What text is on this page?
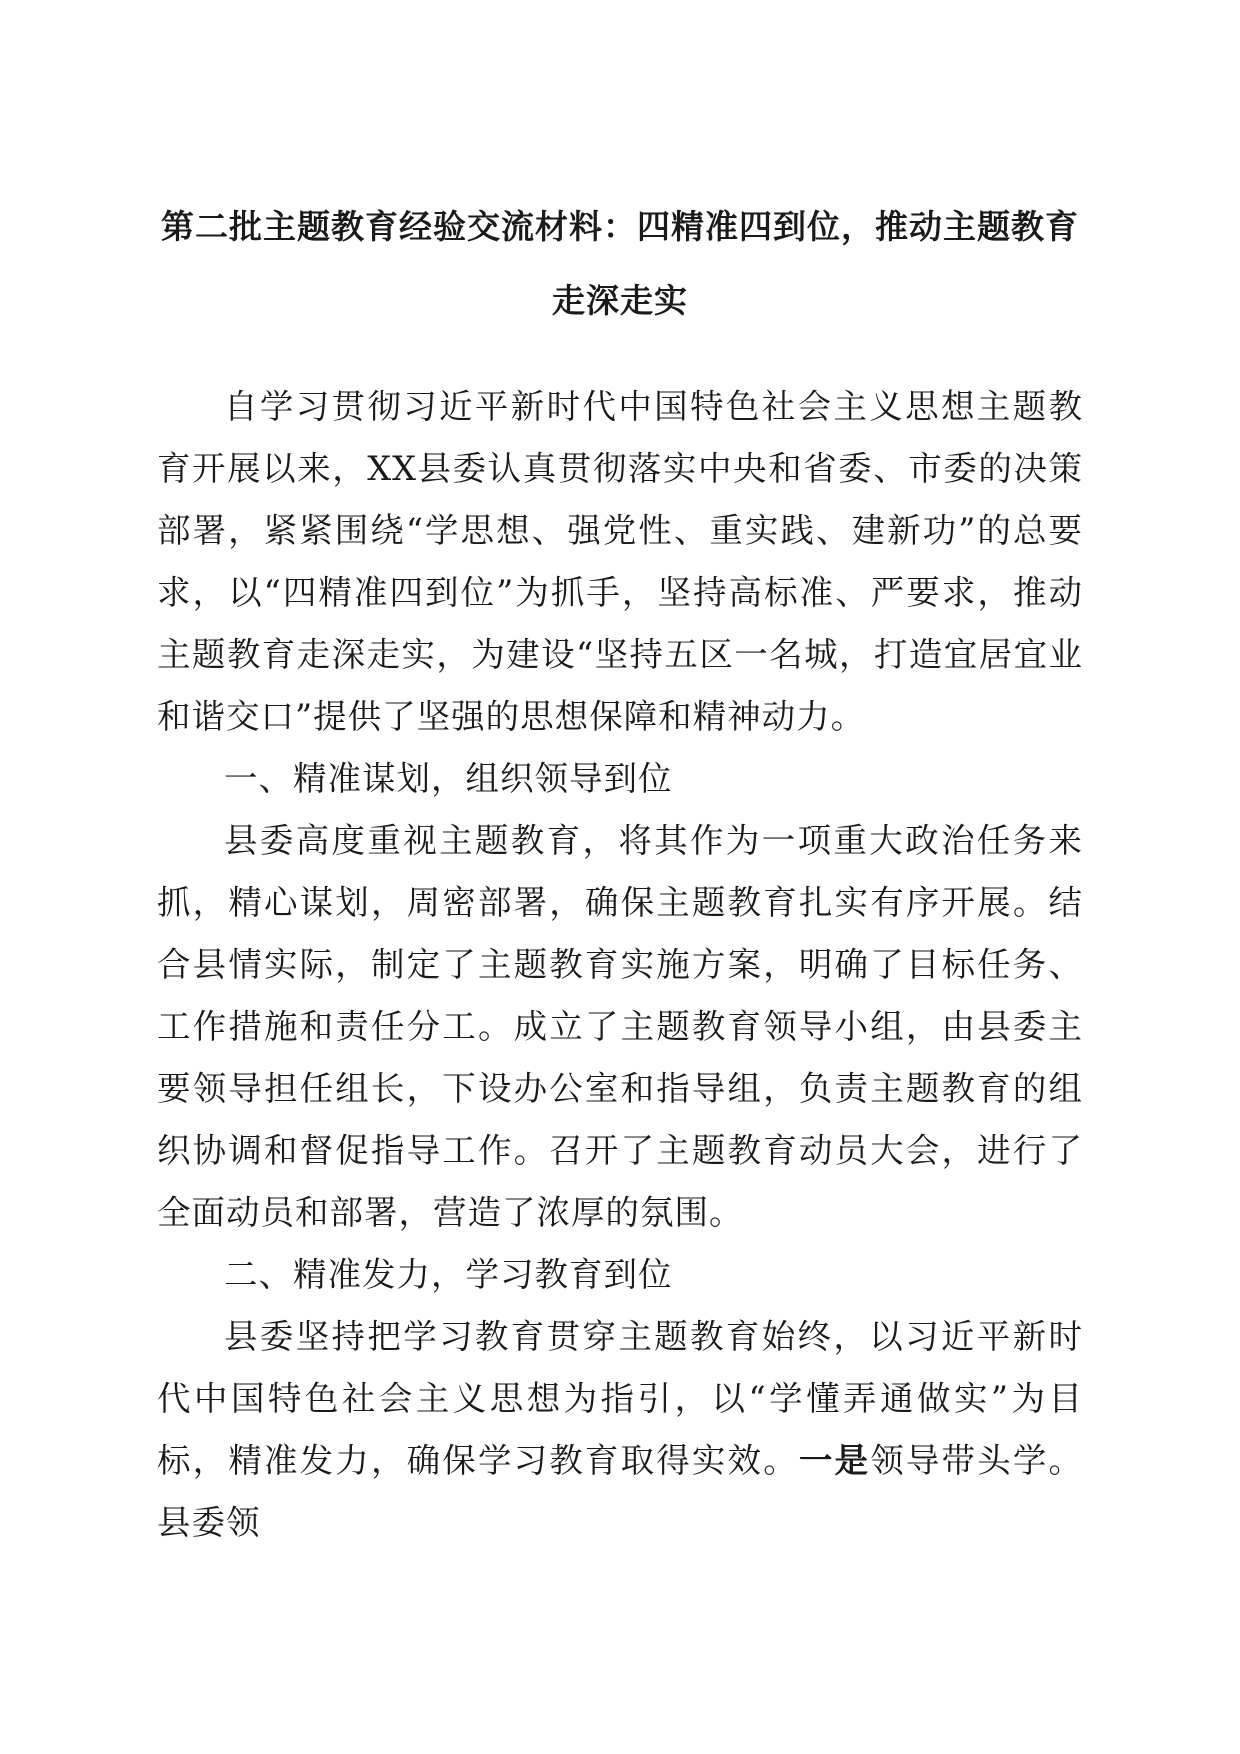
第二批主题教育经验交流材料：四精准四到位，推动主题教育
走深走实

自学习贯彻习近平新时代中国特色社会主义思想主题教育开展以来，XX县委认真贯彻落实中央和省委、市委的决策部署，紧紧围绕“学思想、强党性、重实践、建新功”的总要求，以“四精准四到位”为抓手，坚持高标准、严要求，推动主题教育走深走实，为建设“坚持五区一名城，打造宜居宜业和谐交口”提供了坚强的思想保障和精神动力。

一、精准谋划，组织领导到位

县委高度重视主题教育，将其作为一项重大政治任务来抓，精心谋划，周密部署，确保主题教育扎实有序开展。结合县情实际，制定了主题教育实施方案，明确了目标任务、工作措施和责任分工。成立了主题教育领导小组，由县委主要领导担任组长，下设办公室和指导组，负责主题教育的组织协调和督促指导工作。召开了主题教育动员大会，进行了全面动员和部署，营造了浓厚的氛围。

二、精准发力，学习教育到位

县委坚持把学习教育贯穿主题教育始终，以习近平新时代中国特色社会主义思想为指引，以“学懂弄通做实”为目标，精准发力，确保学习教育取得实效。一是领导带头学。县委领
